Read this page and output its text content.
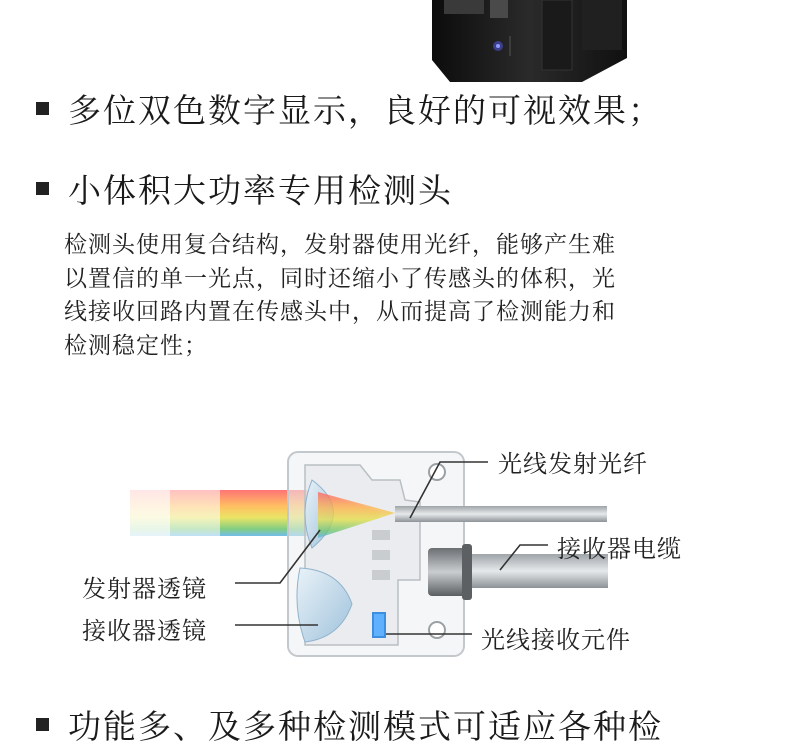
多位双色数字显示，良好的可视效果；
小体积大功率专用检测头
检测头使用复合结构，发射器使用光纤，能够产生难
以置信的单一光点，同时还缩小了传感头的体积，光
线接收回路内置在传感头中，从而提高了检测能力和
检测稳定性；
光线发射光纤
接收器电缆
发射器透镜
接收器透镜	光线接收元件
功能多、及多种检测模式可适应各种检
